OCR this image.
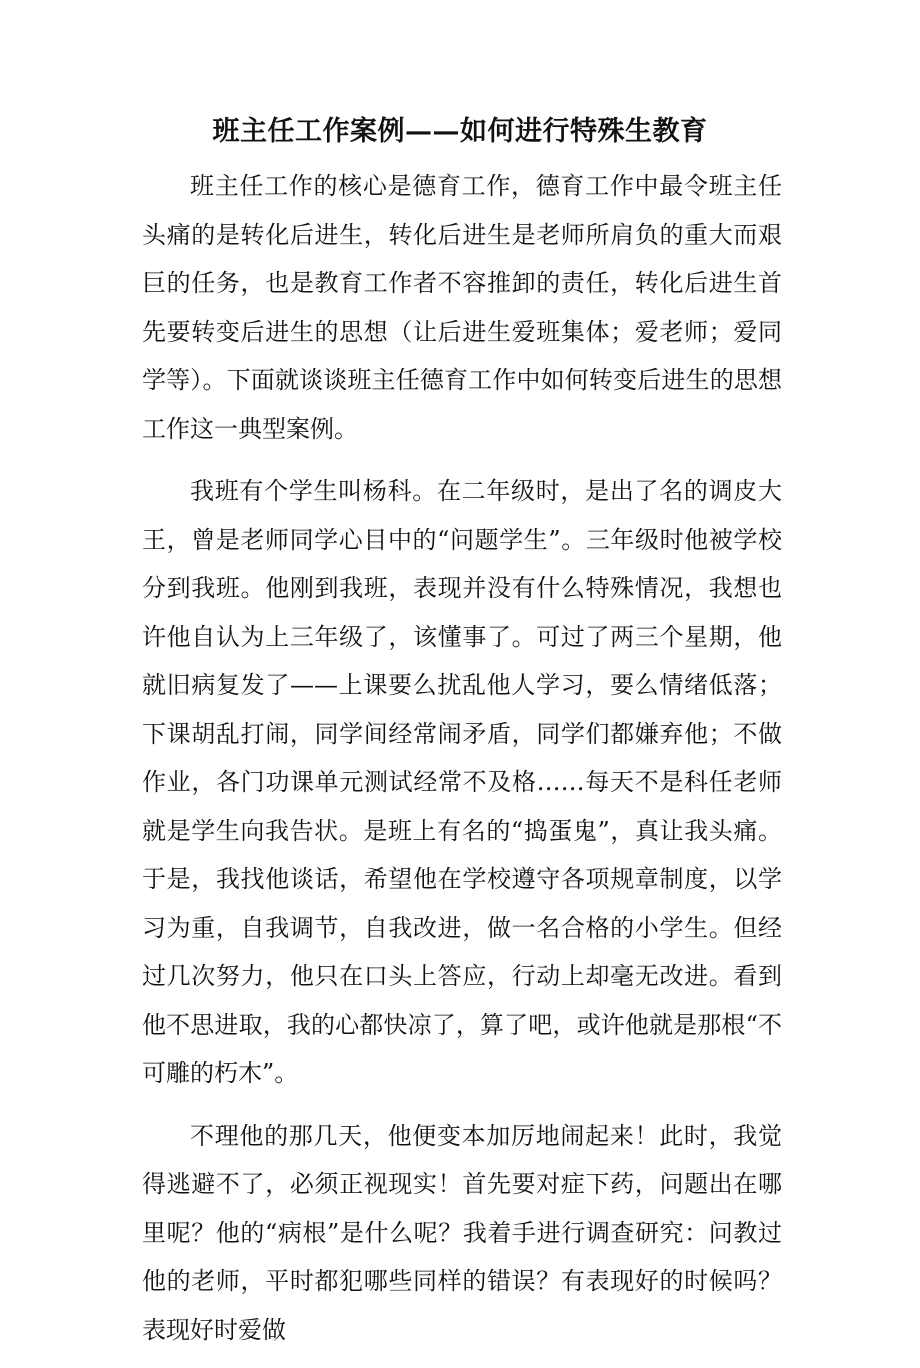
班主任工作案例——如何进行特殊生教育

班主任工作的核心是德育工作，德育工作中最令班主任头痛的是转化后进生，转化后进生是老师所肩负的重大而艰巨的任务，也是教育工作者不容推卸的责任，转化后进生首先要转变后进生的思想（让后进生爱班集体；爱老师；爱同学等）。下面就谈谈班主任德育工作中如何转变后进生的思想工作这一典型案例。

我班有个学生叫杨科。在二年级时，是出了名的调皮大王，曾是老师同学心目中的“问题学生”。三年级时他被学校分到我班。他刚到我班，表现并没有什么特殊情况，我想也许他自认为上三年级了，该懂事了。可过了两三个星期，他就旧病复发了——上课要么扰乱他人学习，要么情绪低落；下课胡乱打闹，同学间经常闹矛盾，同学们都嫌弃他；不做作业，各门功课单元测试经常不及格……每天不是科任老师就是学生向我告状。是班上有名的“捣蛋鬼”，真让我头痛。于是，我找他谈话，希望他在学校遵守各项规章制度，以学习为重，自我调节，自我改进，做一名合格的小学生。但经过几次努力，他只在口头上答应，行动上却毫无改进。看到他不思进取，我的心都快凉了，算了吧，或许他就是那根“不可雕的朽木”。

不理他的那几天，他便变本加厉地闹起来！此时，我觉得逃避不了，必须正视现实！首先要对症下药，问题出在哪里呢？他的“病根”是什么呢？我着手进行调查研究：问教过他的老师，平时都犯哪些同样的错误？有表现好的时候吗？表现好时爱做
